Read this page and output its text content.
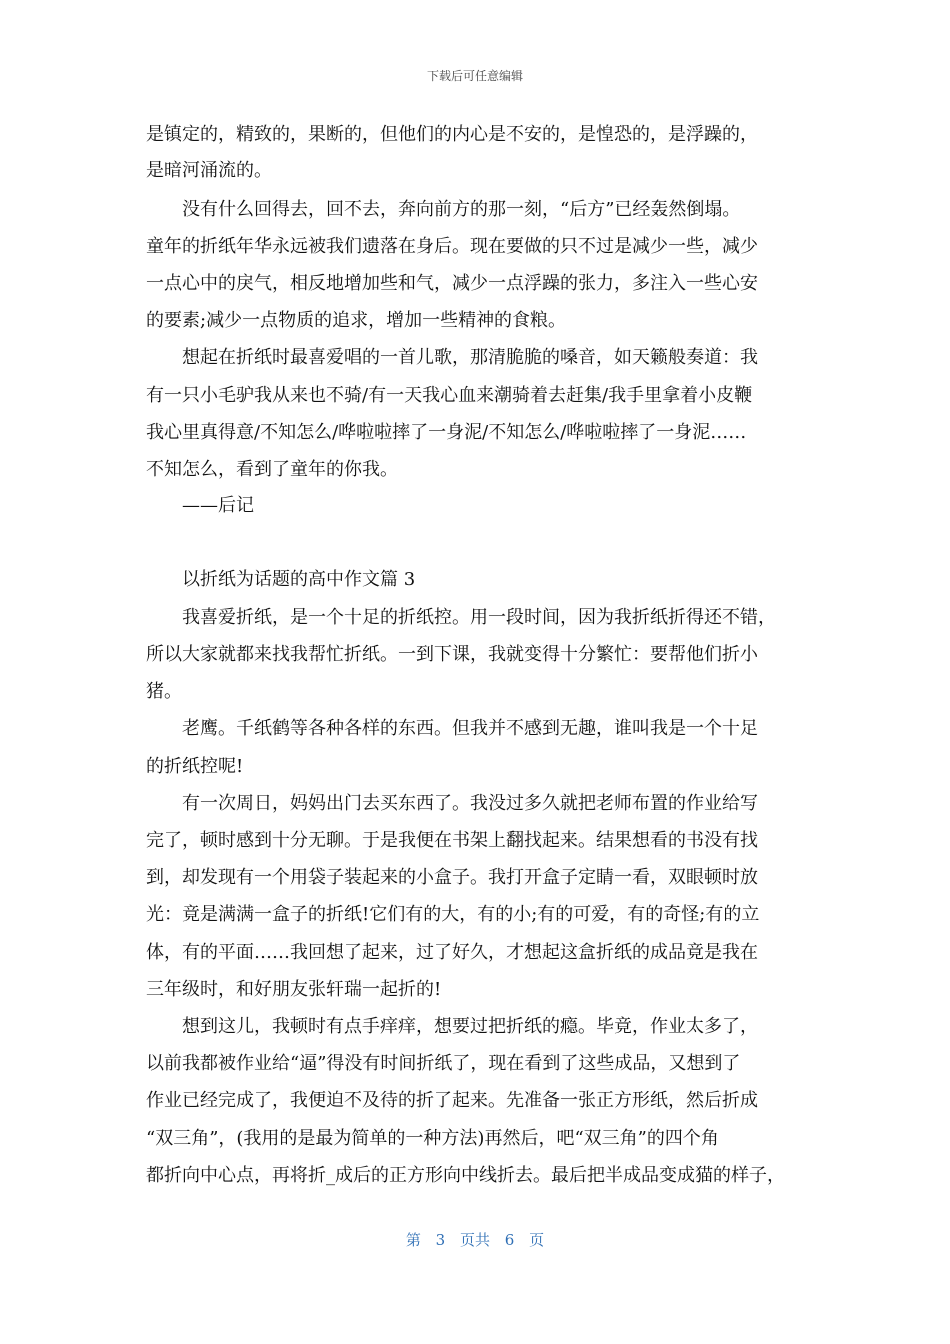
下载后可任意编辑
是镇定的，精致的，果断的，但他们的内心是不安的，是惶恐的，是浮躁的，
是暗河涌流的。
没有什么回得去，回不去，奔向前方的那一刻，“后方”已经轰然倒塌。
童年的折纸年华永远被我们遗落在身后。现在要做的只不过是减少一些，减少
一点心中的戾气，相反地增加些和气，减少一点浮躁的张力，多注入一些心安
的要素;减少一点物质的追求，增加一些精神的食粮。
想起在折纸时最喜爱唱的一首儿歌，那清脆脆的嗓音，如天籁般奏道：我
有一只小毛驴我从来也不骑/有一天我心血来潮骑着去赶集/我手里拿着小皮鞭
我心里真得意/不知怎么/哗啦啦摔了一身泥/不知怎么/哗啦啦摔了一身泥……
不知怎么，看到了童年的你我。
——后记
以折纸为话题的高中作文篇 3
我喜爱折纸，是一个十足的折纸控。用一段时间，因为我折纸折得还不错，
所以大家就都来找我帮忙折纸。一到下课，我就变得十分繁忙：要帮他们折小
猪。
老鹰。千纸鹤等各种各样的东西。但我并不感到无趣，谁叫我是一个十足
的折纸控呢!
有一次周日，妈妈出门去买东西了。我没过多久就把老师布置的作业给写
完了，顿时感到十分无聊。于是我便在书架上翻找起来。结果想看的书没有找
到，却发现有一个用袋子装起来的小盒子。我打开盒子定睛一看，双眼顿时放
光：竟是满满一盒子的折纸!它们有的大，有的小;有的可爱，有的奇怪;有的立
体，有的平面……我回想了起来，过了好久，才想起这盒折纸的成品竟是我在
三年级时，和好朋友张轩瑞一起折的!
想到这儿，我顿时有点手痒痒，想要过把折纸的瘾。毕竟，作业太多了，
以前我都被作业给“逼”得没有时间折纸了，现在看到了这些成品，又想到了
作业已经完成了，我便迫不及待的折了起来。先准备一张正方形纸，然后折成
“双三角”，(我用的是最为简单的一种方法)再然后，吧“双三角”的四个角
都折向中心点，再将折_成后的正方形向中线折去。最后把半成品变成猫的样子，
第 3 页共 6 页
